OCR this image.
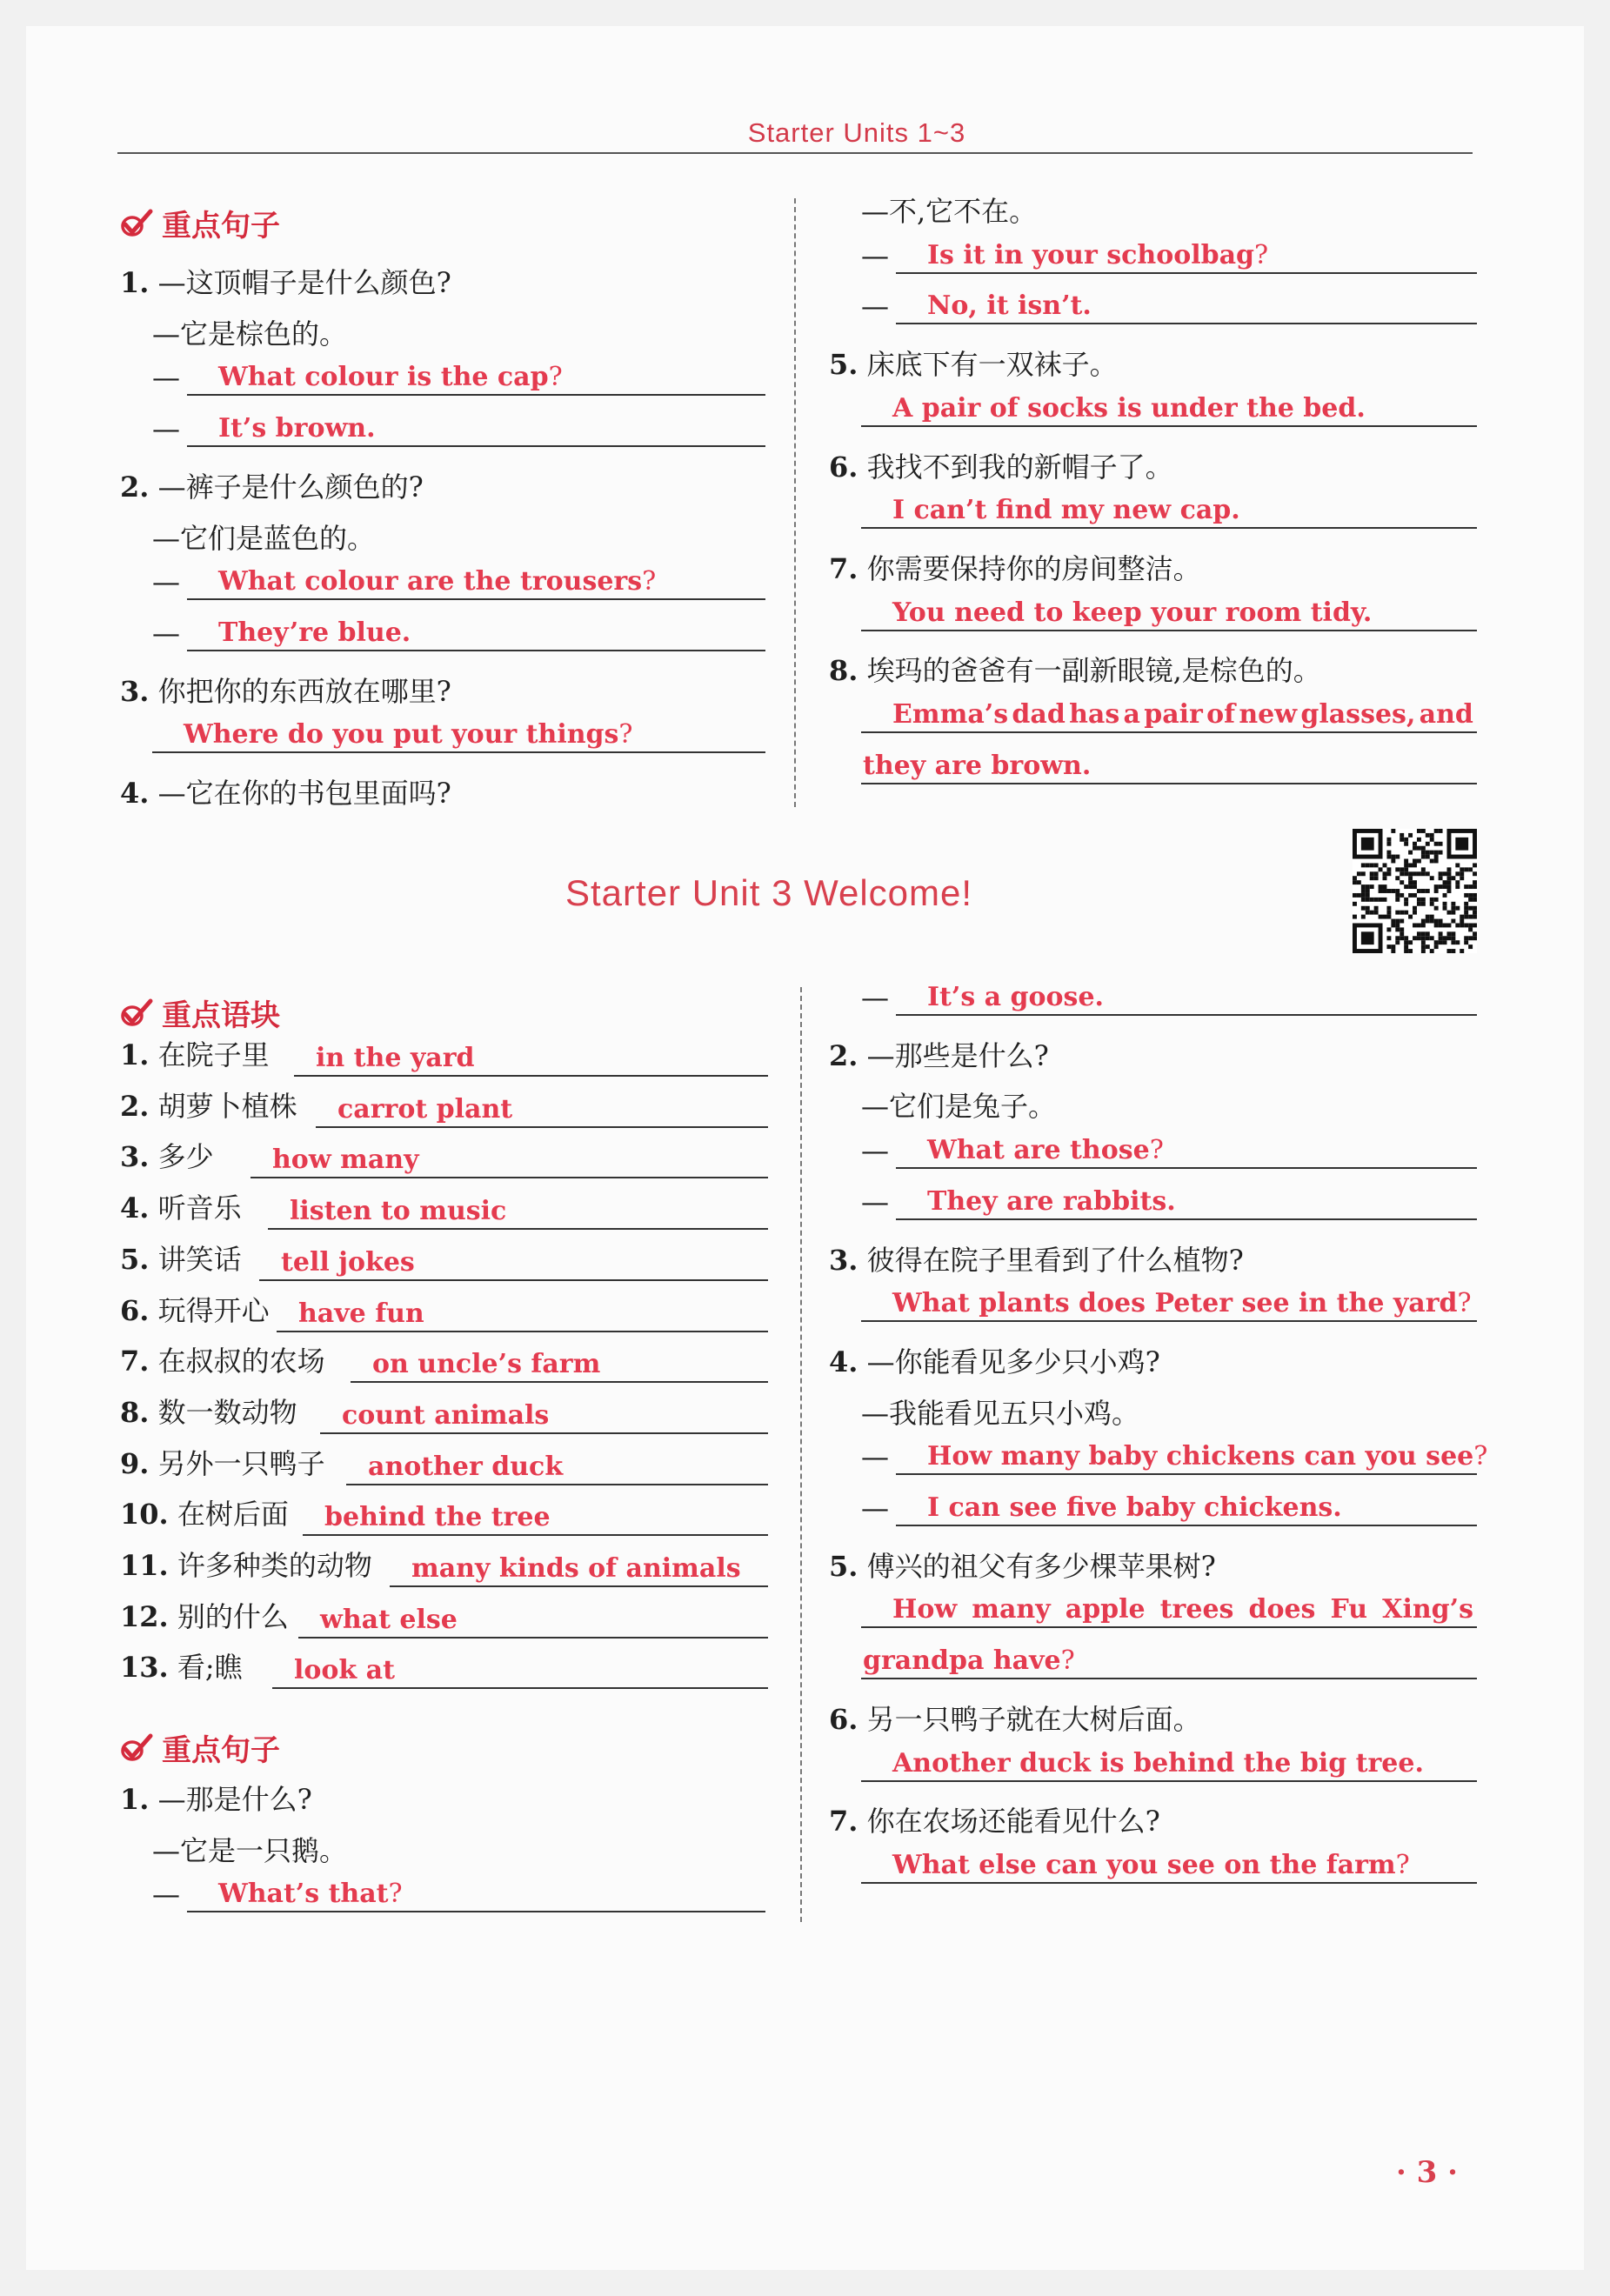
Starter Units 1~3
重点句子
1. —这顶帽子是什么颜色?
—它是棕色的。
— What colour is the cap?
— It’s brown.
2. —裤子是什么颜色的?
—它们是蓝色的。
— What colour are the trousers?
— They’re blue.
3. 你把你的东西放在哪里?
Where do you put your things?
4. —它在你的书包里面吗?
—不,它不在。
— Is it in your schoolbag?
— No, it isn’t.
5. 床底下有一双袜子。
A pair of socks is under the bed.
6. 我找不到我的新帽子了。
I can’t find my new cap.
7. 你需要保持你的房间整洁。
You need to keep your room tidy.
8. 埃玛的爸爸有一副新眼镜,是棕色的。
Emma’s dad has a pair of new glasses, and
they are brown.
Starter Unit 3 Welcome!
重点语块
1. 在院子里 in the yard
2. 胡萝卜植株 carrot plant
3. 多少 how many
4. 听音乐 listen to music
5. 讲笑话 tell jokes
6. 玩得开心 have fun
7. 在叔叔的农场 on uncle’s farm
8. 数一数动物 count animals
9. 另外一只鸭子 another duck
10. 在树后面 behind the tree
11. 许多种类的动物 many kinds of animals
12. 别的什么 what else
13. 看;瞧 look at
重点句子
1. —那是什么?
—它是一只鹅。
— What’s that?
— It’s a goose.
2. —那些是什么?
—它们是兔子。
— What are those?
— They are rabbits.
3. 彼得在院子里看到了什么植物?
What plants does Peter see in the yard?
4. —你能看见多少只小鸡?
—我能看见五只小鸡。
— How many baby chickens can you see?
— I can see five baby chickens.
5. 傅兴的祖父有多少棵苹果树?
How many apple trees does Fu Xing’s
grandpa have?
6. 另一只鸭子就在大树后面。
Another duck is behind the big tree.
7. 你在农场还能看见什么?
What else can you see on the farm?
· 3 ·
